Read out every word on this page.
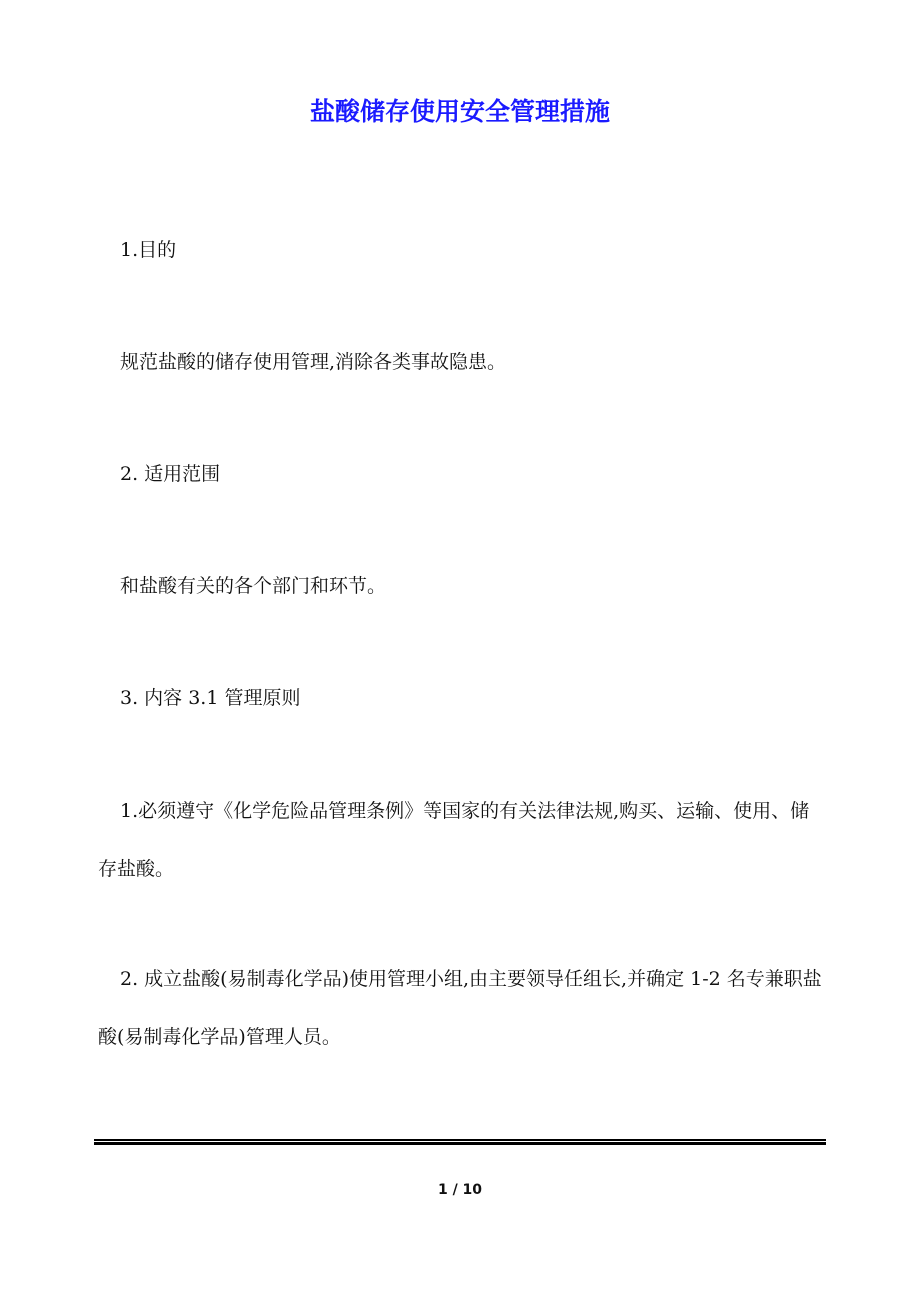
盐酸储存使用安全管理措施

1.目的

规范盐酸的储存使用管理,消除各类事故隐患。

2. 适用范围

和盐酸有关的各个部门和环节。

3. 内容 3.1 管理原则

1.必须遵守《化学危险品管理条例》等国家的有关法律法规,购买、运输、使用、储存盐酸。

2. 成立盐酸(易制毒化学品)使用管理小组,由主要领导任组长,并确定 1-2 名专兼职盐酸(易制毒化学品)管理人员。

1 / 10
